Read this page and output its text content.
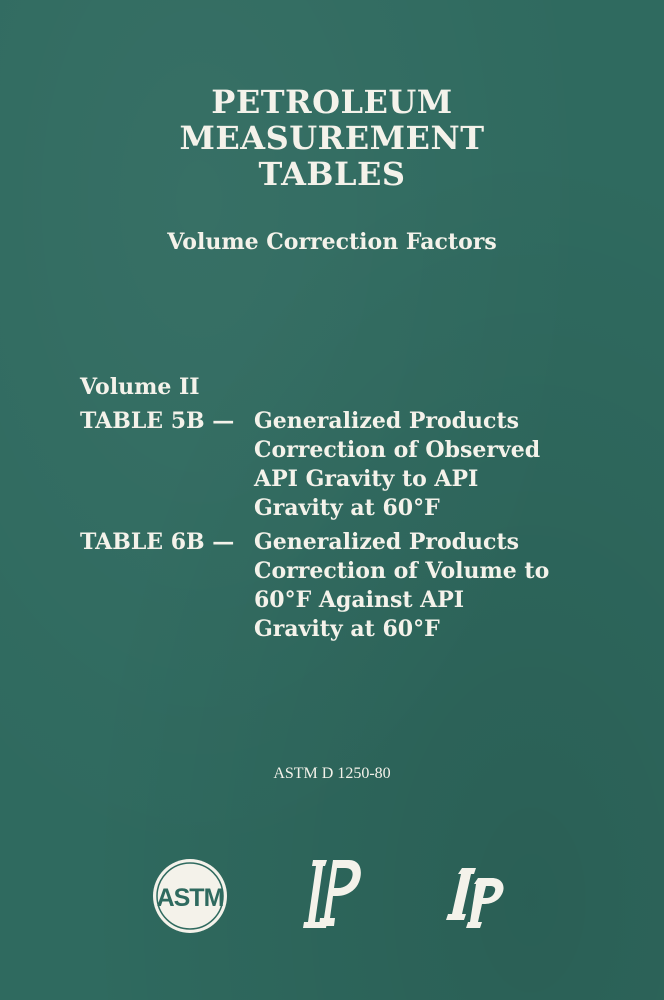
PETROLEUM
MEASUREMENT
TABLES
Volume Correction Factors
Volume II
TABLE 5B — Generalized Products
Correction of Observed
API Gravity to API
Gravity at 60°F
TABLE 6B — Generalized Products
Correction of Volume to
60°F Against API
Gravity at 60°F
ASTM D 1250-80
ASTM
IP
IP
